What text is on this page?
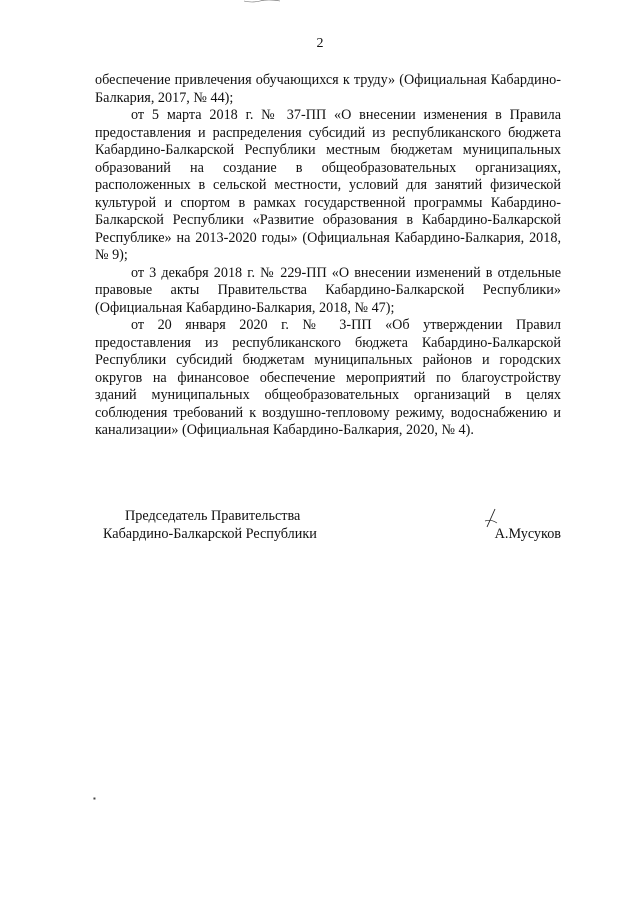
2

обеспечение привлечения обучающихся к труду» (Официальная Кабардино-Балкария, 2017, № 44);

от 5 марта 2018 г. № 37-ПП «О внесении изменения в Правила предоставления и распределения субсидий из республиканского бюджета Кабардино-Балкарской Республики местным бюджетам муниципальных образований на создание в общеобразовательных организациях, расположенных в сельской местности, условий для занятий физической культурой и спортом в рамках государственной программы Кабардино-Балкарской Республики «Развитие образования в Кабардино-Балкарской Республике» на 2013-2020 годы» (Официальная Кабардино-Балкария, 2018, № 9);

от 3 декабря 2018 г. № 229-ПП «О внесении изменений в отдельные правовые акты Правительства Кабардино-Балкарской Республики» (Официальная Кабардино-Балкария, 2018, № 47);

от 20 января 2020 г. № 3-ПП «Об утверждении Правил предоставления из республиканского бюджета Кабардино-Балкарской Республики субсидий бюджетам муниципальных районов и городских округов на финансовое обеспечение мероприятий по благоустройству зданий муниципальных общеобразовательных организаций в целях соблюдения требований к воздушно-тепловому режиму, водоснабжению и канализации» (Официальная Кабардино-Балкария, 2020, № 4).

Председатель Правительства
Кабардино-Балкарской Республики	А.Мусуков
▪
